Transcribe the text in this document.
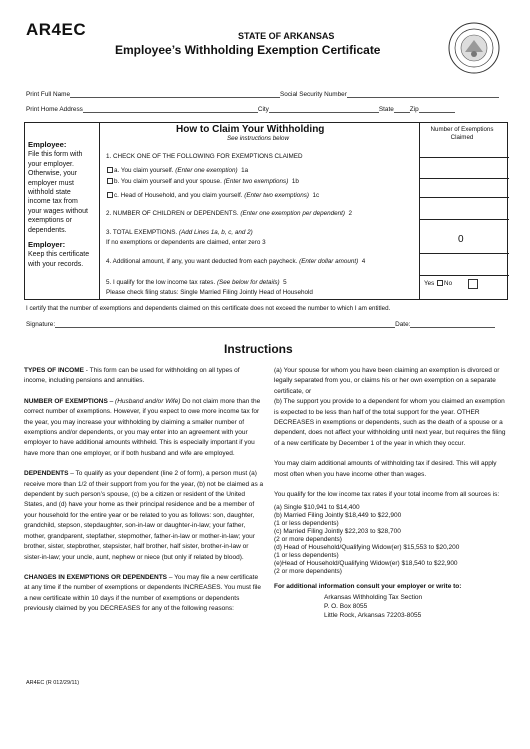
AR4EC	STATE OF ARKANSAS
Employee’s Withholding Exemption Certificate
Print Full Name	Social Security Number
Print Home Address	City	State	Zip
Employee:
File this form with
your employer.
Otherwise, your
employer must
withhold state
income tax from
your wages without
exemptions or
dependents.
Employer:
Keep this certificate
with your records.
How to Claim Your Withholding
See instructions below
Number of Exemptions Claimed
1. CHECK ONE OF THE FOLLOWING FOR EXEMPTIONS CLAIMED
a. You claim yourself. (Enter one exemption) 1a
b. You claim yourself and your spouse. (Enter two exemptions) 1b
c. Head of Household, and you claim yourself. (Enter two exemptions) 1c
2. NUMBER OF CHILDREN or DEPENDENTS. (Enter one exemption per dependent) 2
3. TOTAL EXEMPTIONS. (Add Lines 1a, b, c, and 2)
If no exemptions or dependents are claimed, enter zero 3	0
4. Additional amount, if any, you want deducted from each paycheck. (Enter dollar amount) 4
5. I qualify for the low income tax rates. (See below for details) 5
Please check filing status: Single Married Filing Jointly Head of Household
Yes No
I certify that the number of exemptions and dependents claimed on this certificate does not exceed the number to which I am entitled.
Signature:	Date:
Instructions

TYPES OF INCOME - This form can be used for withholding on all types of income, including pensions and annuities.

NUMBER OF EXEMPTIONS – (Husband and/or Wife) Do not claim more than the correct number of exemptions. However, if you expect to owe more income tax for the year, you may increase your withholding by claiming a smaller number of exemptions and/or dependents, or you may enter into an agreement with your employer to have additional amounts withheld. This is especially important if you have more than one employer, or if both husband and wife are employed.

DEPENDENTS – To qualify as your dependent (line 2 of form), a person must (a) receive more than 1/2 of their support from you for the year, (b) not be claimed as a dependent by such person’s spouse, (c) be a citizen or resident of the United States, and (d) have your home as their principal residence and be a member of your household for the entire year or be related to you as follows: son, daughter, grandchild, stepson, stepdaughter, son-in-law or daughter-in-law; your father, mother, grandparent, stepfather, stepmother, father-in-law or mother-in-law; your brother, sister, stepbrother, stepsister, half brother, half sister, brother-in-law or sister-in-law; your uncle, aunt, nephew or niece (but only if related by blood).

CHANGES IN EXEMPTIONS OR DEPENDENTS – You may file a new certificate at any time if the number of exemptions or dependents INCREASES. You must file a new certificate within 10 days if the number of exemptions or dependents previously claimed by you DECREASES for any of the following reasons:

(a) Your spouse for whom you have been claiming an exemption is divorced or legally separated from you, or claims his or her own exemption on a separate certificate, or

(b) The support you provide to a dependent for whom you claimed an exemption is expected to be less than half of the total support for the year. OTHER DECREASES in exemptions or dependents, such as the death of a spouse or a dependent, does not affect your withholding until next year, but requires the filing of a new certificate by December 1 of the year in which they occur.

You may claim additional amounts of withholding tax if desired. This will apply most often when you have income other than wages.

You qualify for the low income tax rates if your total income from all sources is:

(a) Single $10,941 to $14,400
(b) Married Filing Jointly $18,449 to $22,900
(1 or less dependents)
(c) Married Filing Jointly $22,203 to $28,700
(2 or more dependents)
(d) Head of Household/Qualifying Widow(er) $15,553 to $20,200
(1 or less dependents)
(e)Head of Household/Qualifying Widow(er) $18,540 to $22,900
(2 or more dependents)
For additional information consult your employer or write to:
Arkansas Withholding Tax Section
P. O. Box 8055
Little Rock, Arkansas 72203-8055
AR4EC (R 012/29/11)
